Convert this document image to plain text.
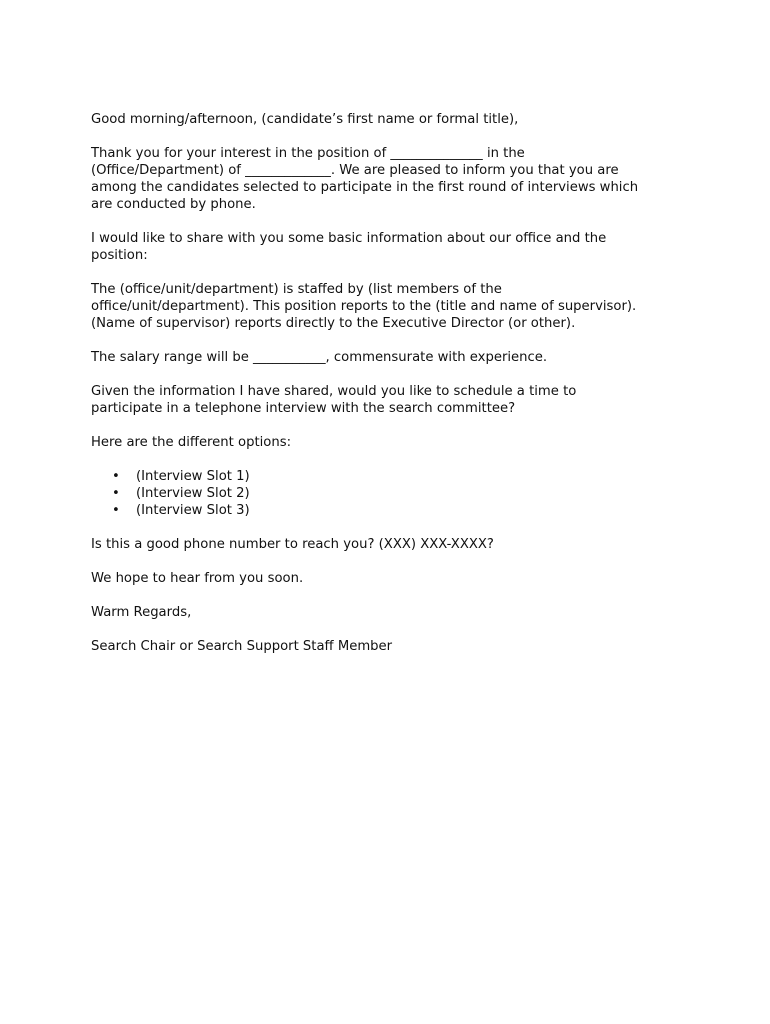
Good morning/afternoon, (candidate’s first name or formal title),

Thank you for your interest in the position of ______________ in the
(Office/Department) of _____________. We are pleased to inform you that you are
among the candidates selected to participate in the first round of interviews which
are conducted by phone.

I would like to share with you some basic information about our office and the
position:

The (office/unit/department) is staffed by (list members of the
office/unit/department). This position reports to the (title and name of supervisor).
(Name of supervisor) reports directly to the Executive Director (or other).

The salary range will be ___________, commensurate with experience.

Given the information I have shared, would you like to schedule a time to
participate in a telephone interview with the search committee?

Here are the different options:

• (Interview Slot 1)
• (Interview Slot 2)
• (Interview Slot 3)

Is this a good phone number to reach you? (XXX) XXX-XXXX?

We hope to hear from you soon.

Warm Regards,

Search Chair or Search Support Staff Member
